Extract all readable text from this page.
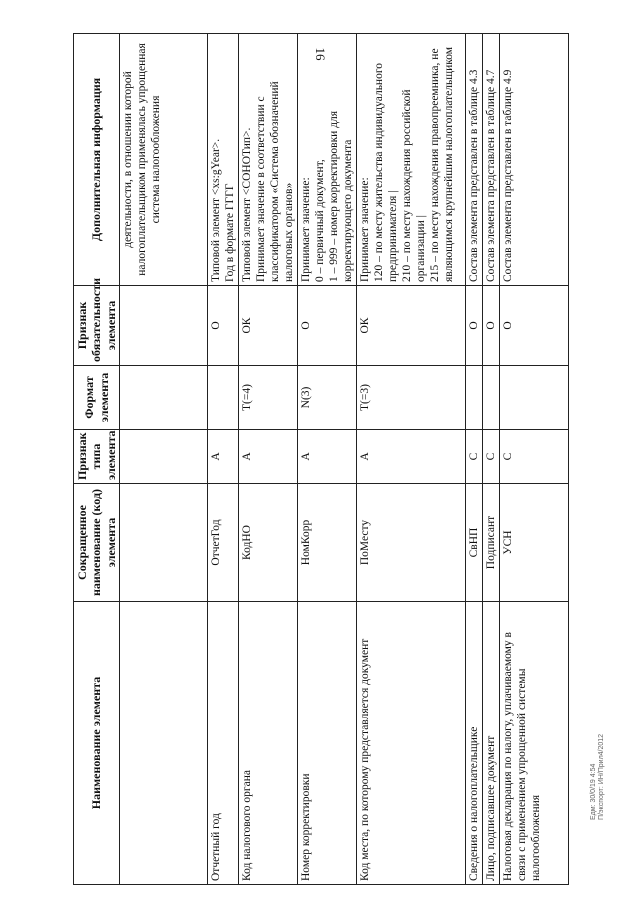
16
Наименование элемента	Сокращенное наименование (код) элемента	Признак типа элемента	Формат элемента	Признак обязательности элемента	Дополнительная информация

					деятельности, в отношении которой налогоплательщиком применялась упрощенная система налогообложения

Отчетный год	ОтчетГод	А		О	Типовой элемент <xs:gYear>. Год в формате ГГГГ

Код налогового органа	КодНО	А	Т(=4)	ОК	Типовой элемент <СОНОТип>. Принимает значение в соответствии с классификатором «Система обозначений налоговых органов»

Номер корректировки	НомКорр	А	N(3)	О	Принимает значение: 0 – первичный документ, 1 – 999 – номер корректировки для корректирующего документа

Код места, по которому представляется документ	ПоМесту	А	Т(=3)	ОК	Принимает значение: 120 – по месту жительства индивидуального предпринимателя | 210 – по месту нахождения российской организации | 215 – по месту нахождения правопреемника, не являющимся крупнейшим налогоплательщиком

Сведения о налогоплательщике	СвНП	С		О	Состав элемента представлен в таблице 4.3

Лицо, подписавшее документ	Подписант	С		О	Состав элемента представлен в таблице 4.7

Налоговая декларация по налогу, уплачиваемому в связи с применением упрощенной системы налогообложения	УСН	С		О	Состав элемента представлен в таблице 4.9
Едм: 30/0/19 4:54 П/экспорт: ИН/Прил4/2012
